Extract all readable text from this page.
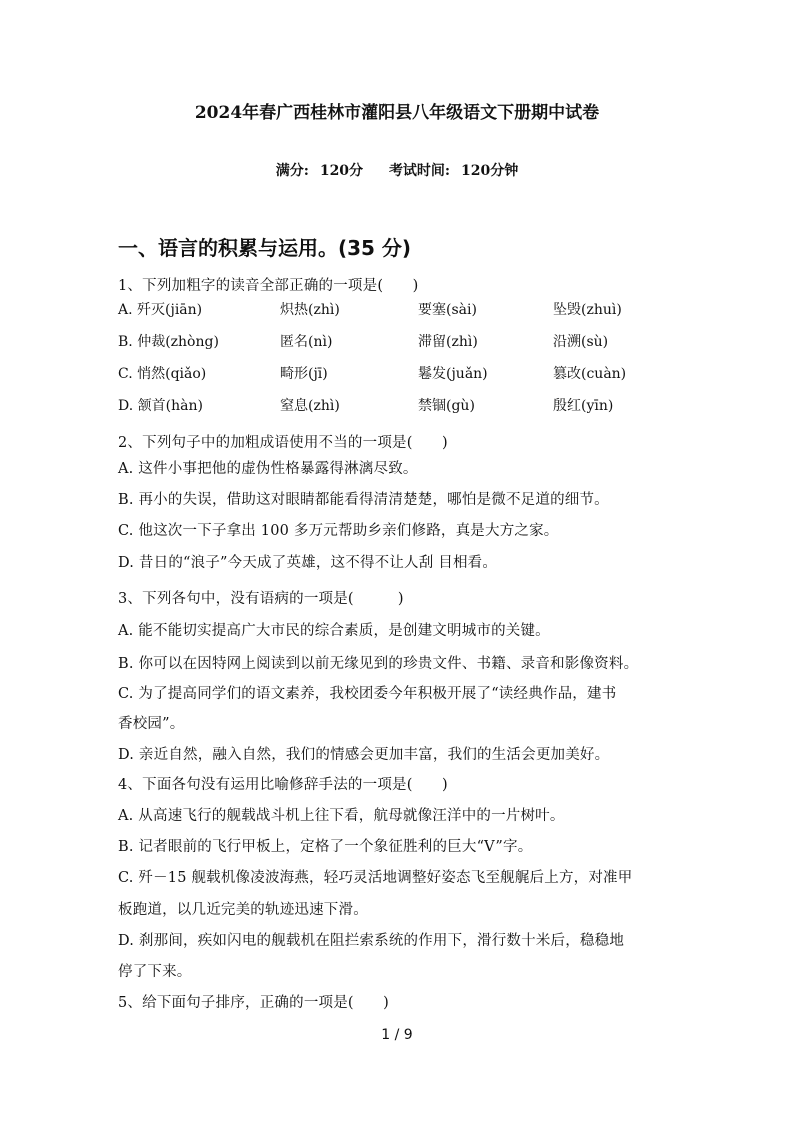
2024年春广西桂林市灌阳县八年级语文下册期中试卷
满分: 120分 考试时间: 120分钟
一、语言的积累与运用。(35 分)
1、下列加粗字的读音全部正确的一项是(　　)
A. 歼灭(jiān)	炽热(zhì)	要塞(sài)	坠毁(zhuì)
B. 仲裁(zhòng)	匿名(nì)	滞留(zhì)	沿溯(sù)
C. 悄然(qiǎo)	畸形(jī)	鬈发(juǎn)	篡改(cuàn)
D. 颔首(hàn)	窒息(zhì)	禁锢(gù)	殷红(yīn)
2、下列句子中的加粗成语使用不当的一项是(　　)
A. 这件小事把他的虚伪性格暴露得淋漓尽致。
B. 再小的失误，借助这对眼睛都能看得清清楚楚，哪怕是微不足道的细节。
C. 他这次一下子拿出 100 多万元帮助乡亲们修路，真是大方之家。
D. 昔日的“浪子”今天成了英雄，这不得不让人刮 目相看。
3、下列各句中，没有语病的一项是(　　　)
A. 能不能切实提高广大市民的综合素质，是创建文明城市的关键。
B. 你可以在因特网上阅读到以前无缘见到的珍贵文件、书籍、录音和影像资料。
C. 为了提高同学们的语文素养，我校团委今年积极开展了“读经典作品，建书
香校园”。
D. 亲近自然，融入自然，我们的情感会更加丰富，我们的生活会更加美好。
4、下面各句没有运用比喻修辞手法的一项是(　　)
A. 从高速飞行的舰载战斗机上往下看，航母就像汪洋中的一片树叶。
B. 记者眼前的飞行甲板上，定格了一个象征胜利的巨大“V”字。
C. 歼－15 舰载机像凌波海燕，轻巧灵活地调整好姿态飞至舰艉后上方，对准甲
板跑道，以几近完美的轨迹迅速下滑。
D. 刹那间，疾如闪电的舰载机在阻拦索系统的作用下，滑行数十米后，稳稳地
停了下来。
5、给下面句子排序，正确的一项是(　　)
1 / 9
